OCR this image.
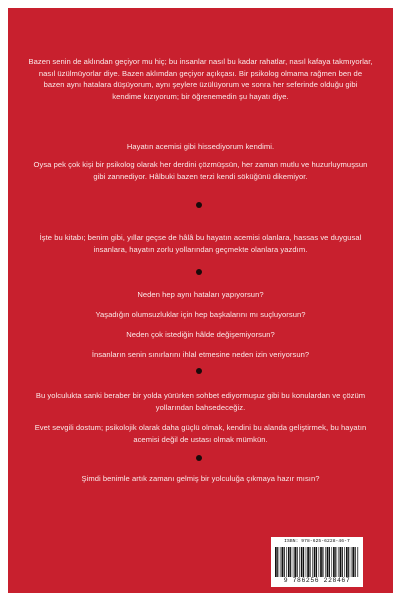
Bazen senin de aklından geçiyor mu hiç; bu insanlar nasıl bu kadar rahatlar, nasıl kafaya takmıyorlar, nasıl üzülmüyorlar diye. Bazen aklımdan geçiyor açıkçası. Bir psikolog olmama rağmen ben de bazen aynı hatalara düşüyorum, aynı şeylere üzülüyorum ve sonra her seferinde olduğu gibi kendime kızıyorum; bir öğrenemedin şu hayatı diye.
Hayatın acemisi gibi hissediyorum kendimi.
Oysa pek çok kişi bir psikolog olarak her derdini çözmüşsün, her zaman mutlu ve huzurluymuşsun gibi zannediyor. Hâlbuki bazen terzi kendi söküğünü dikemiyor.
İşte bu kitabı; benim gibi, yıllar geçse de hâlâ bu hayatın acemisi olanlara, hassas ve duygusal insanlara, hayatın zorlu yollarından geçmekte olanlara yazdım.
Neden hep aynı hataları yapıyorsun?
Yaşadığın olumsuzluklar için hep başkalarını mı suçluyorsun?
Neden çok istediğin hâlde değişemiyorsun?
İnsanların senin sınırlarını ihlal etmesine neden izin veriyorsun?
Bu yolculukta sanki beraber bir yolda yürürken sohbet ediyormuşuz gibi bu konulardan ve çözüm yollarından bahsedeceğiz.
Evet sevgili dostum; psikolojik olarak daha güçlü olmak, kendini bu alanda geliştirmek, bu hayatın acemisi değil de ustası olmak mümkün.
Şimdi benimle artık zamanı gelmiş bir yolculuğa çıkmaya hazır mısın?
ISBN: 978-625-6228-46-7
9 786256 228467
